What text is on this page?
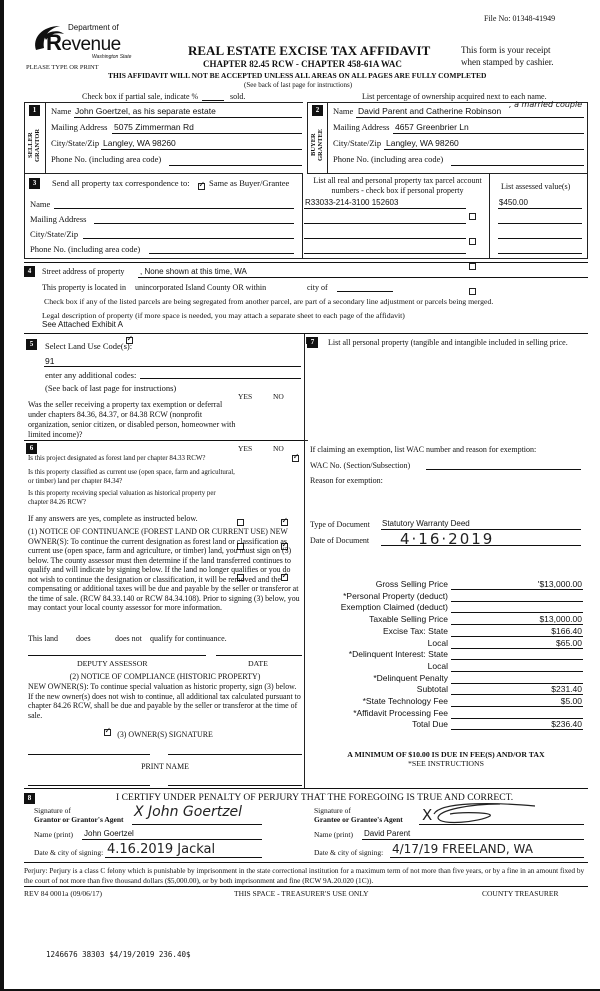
File No: 01348-41949
Department of
Revenue
Washington State
PLEASE TYPE OR PRINT
REAL ESTATE EXCISE TAX AFFIDAVIT
CHAPTER 82.45 RCW - CHAPTER 458-61A WAC
This form is your receipt
when stamped by cashier.
THIS AFFIDAVIT WILL NOT BE ACCEPTED UNLESS ALL AREAS ON ALL PAGES ARE FULLY COMPLETED
(See back of last page for instructions)
Check box if partial sale, indicate %	sold.	List percentage of ownership acquired next to each name.
1
SELLER
GRANTOR
Name John Goertzel, as his separate estate
Mailing Address 5075 Zimmerman Rd
City/State/Zip Langley, WA 98260
Phone No. (including area code)
2
BUYER
GRANTEE
Name David Parent and Catherine Robinson
, a married couple
Mailing Address 4657 Greenbrier Ln
City/State/Zip Langley, WA 98260
Phone No. (including area code)
3	Send all property tax correspondence to: ✓ Same as Buyer/Grantee
Name
Mailing Address
City/State/Zip
Phone No. (including area code)
List all real and personal property tax parcel account
numbers - check box if personal property	List assessed value(s)
R33033-214-3100 152603	$450.00
4	Street address of property , None shown at this time, WA
This property is located in
✓ unincorporated Island County OR within
	city of
Check box if any of the listed parcels are being segregated from another parcel, are part of a secondary line adjustment or parcels being merged.
Legal description of property (if more space is needed, you may attach a separate sheet to each page of the affidavit)
See Attached Exhibit A
5	Select Land Use Code(s):
91
enter any additional codes:
(See back of last page for instructions)
YES	NO
Was the seller receiving a property tax exemption or deferral under chapters 84.36, 84.37, or 84.38 RCW (nonprofit organization, senior citizen, or disabled person, homeowner with limited income)?
✓
6	YES	NO
Is this project designated as forest land per chapter 84.33 RCW?
✓
Is this property classified as current use (open space, farm and agricultural, or timber) land per chapter 84.34?
✓
Is this property receiving special valuation as historical property per chapter 84.26 RCW?
✓
If any answers are yes, complete as instructed below.
(1) NOTICE OF CONTINUANCE (FOREST LAND OR CURRENT USE) NEW OWNER(S): To continue the current designation as forest land or classification as current use (open space, farm and agriculture, or timber) land, you must sign on (3) below. The county assessor must then determine if the land transferred continues to qualify and will indicate by signing below. If the land no longer qualifies or you do not wish to continue the designation or classification, it will be removed and the compensating or additional taxes will be due and payable by the seller or transferor at the time of sale. (RCW 84.33.140 or RCW 84.34.108). Prior to signing (3) below, you may contact your local county assessor for more information.
This land does
✓	does not qualify for continuance.
DEPUTY ASSESSOR	DATE
(2) NOTICE OF COMPLIANCE (HISTORIC PROPERTY)
NEW OWNER(S): To continue special valuation as historic property, sign (3) below. If the new owner(s) does not wish to continue, all additional tax calculated pursuant to chapter 84.26 RCW, shall be due and payable by the seller or transferor at the time of sale.
(3) OWNER(S) SIGNATURE
PRINT NAME
7	List all personal property (tangible and intangible included in selling price.
If claiming an exemption, list WAC number and reason for exemption:
WAC No. (Section/Subsection)
Reason for exemption:
Type of Document Statutory Warranty Deed
Date of Document 4·16·2019
Gross Selling Price	'$13,000.00
*Personal Property (deduct)
Exemption Claimed (deduct)
Taxable Selling Price	$13,000.00
Excise Tax: State	$166.40
Local	$65.00
*Delinquent Interest: State
Local
*Delinquent Penalty
Subtotal	$231.40
*State Technology Fee	$5.00
*Affidavit Processing Fee
Total Due	$236.40
A MINIMUM OF $10.00 IS DUE IN FEE(S) AND/OR TAX
*SEE INSTRUCTIONS
8	I CERTIFY UNDER PENALTY OF PERJURY THAT THE FOREGOING IS TRUE AND CORRECT.
Signature of
Grantor or Grantor's Agent X John Goertzel
Name (print) John Goertzel
Date & city of signing: 4.16.2019 Jackal
Signature of
Grantee or Grantee's Agent X
Name (print) David Parent
Date & city of signing: 4/17/19 FREELAND, WA
Perjury: Perjury is a class C felony which is punishable by imprisonment in the state correctional institution for a maximum term of not more than five years, or by a fine in an amount fixed by the court of not more than five thousand dollars ($5,000.00), or by both imprisonment and fine (RCW 9A.20.020 (1C)).
REV 84 0001a (09/06/17)	THIS SPACE - TREASURER'S USE ONLY	COUNTY TREASURER
1246676 38303 $4/19/2019 236.40$
